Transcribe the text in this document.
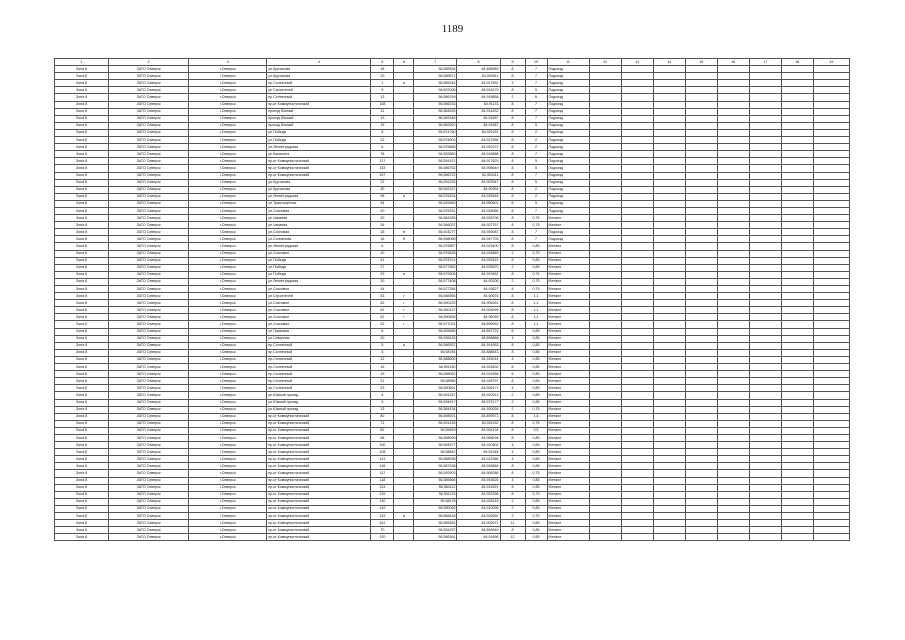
1189
1	2	3	4	5	6	7	8	9	10	11	12	13	14	15	16	17	18	19
Зона 8	ЗАТО Северск	г.Северск	ул.Курчатова	18		56,589934	84,898589	8	7	Подъезд								
Зона 8	ЗАТО Северск	г.Северск	ул.Курчатова	20		56,589671	84,900611	8	7	Подъезд								
Зона 8	ЗАТО Северск	г.Северск	пр.Солнечный	1	а	56,585244	84,917652	3	7	Подъезд								
Зона 8	ЗАТО Северск	г.Северск	ул.Строителей	9		56,597006	84,918179	8	5	Подъезд								
Зона 8	ЗАТО Северск	г.Северск	пр.Солнечный	13		56,586769	84,918858	2	6	Подъезд								
Зона 8	ЗАТО Северск	г.Северск	пр-кт Коммунистический	108		56,586233	84,91133	8	7	Подъезд								
Зона 8	ЗАТО Северск	г.Северск	проезд Южный	11		56,584625	84,914632	8	7	Подъезд								
Зона 8	ЗАТО Северск	г.Северск	проезд Южный	13		56,583345	84,91657	8	7	Подъезд								
Зона 8	ЗАТО Северск	г.Северск	проезд Южный	15		56,582520	84,91887	8	5	Подъезд								
Зона 8	ЗАТО Северск	г.Северск	ул.Победы	8		56,574760	84,921161	8	2	Подъезд								
Зона 8	ЗАТО Северск	г.Северск	ул.Победы	22		56,578002	84,917656	8	2	Подъезд								
Зона 8	ЗАТО Северск	г.Северск	ул.Ленинградская	6		56,576866	84,920372	8	2	Подъезд								
Зона 8	ЗАТО Северск	г.Северск	ул.Калинина	78		56,593860	84,918668	8	7	Подъезд								
Зона 8	ЗАТО Северск	г.Северск	пр-кт Коммунистический	127		56,591571	84,917625	8	5	Подъезд								
Зона 8	ЗАТО Северск	г.Северск	пр-кт Коммунистический	153		56,586752	84,908640	8	5	Подъезд								
Зона 8	ЗАТО Северск	г.Северск	пр-кт Коммунистический	157		56,586722	84,904111	8	7	Подъезд								
Зона 8	ЗАТО Северск	г.Северск	ул.Курчатова	22		56,591253	84,903547	8	5	Подъезд								
Зона 8	ЗАТО Северск	г.Северск	ул.Курчатова	30		56,592327	84,90354	8	2	Подъезд								
Зона 8	ЗАТО Северск	г.Северск	ул.Ленинградская	98	а	56,576224	84,925446	8	2	Подъезд								
Зона 8	ЗАТО Северск	г.Северск	ул.Транспортная	54		56,629460	84,950601	8	5	Подъезд								
Зона 8	ЗАТО Северск	г.Северск	ул.Сосновая	20		56,576251	84,918066	8	7	Подъезд								
Зона 8	ЗАТО Северск	г.Северск	ул.Чапаева	20		56,581555	84,928706	8	0,75	Металл								
Зона 8	ЗАТО Северск	г.Северск	ул.Чапаева	26		56,566037	84,927767	8	0,75	Металл								
Зона 8	ЗАТО Северск	г.Северск	ул.Сосновая	18	в	56,924277	84,949087	8	7	Подъезд								
Зона 8	ЗАТО Северск	г.Северск	ул.Солнечная	16	б	56,598069	84,947703	8	7	Подъезд								
Зона 8	ЗАТО Северск	г.Северск	ул.Ленинградская	6		56,576857	84,919400	8	0,85	Металл								
Зона 8	ЗАТО Северск	г.Северск	ул.Сосновое	10		56,576628	84,918689	2	0,75	Металл								
Зона 8	ЗАТО Северск	г.Северск	ул.Победы	21		56,578721	84,925415	8	0,85	Металл								
Зона 8	ЗАТО Северск	г.Северск	ул.Победы	27		56,577652	84,925870	2	0,85	Металл								
Зона 8	ЗАТО Северск	г.Северск	ул.Победы	29	а	56,579305	84,929461	8	0,75	Металл								
Зона 8	ЗАТО Северск	г.Северск	ул.Ленинградская	30		56,577408	84,93206	2	0,75	Металл								
Зона 8	ЗАТО Северск	г.Северск	ул.Сосновое	34		56,577284	84,93627	8	0,75	Металл								
Зона 8	ЗАТО Северск	г.Северск	ул.Строителей	53	г	56,566566	84,90676	8	1,1	Металл								
Зона 8	ЗАТО Северск	г.Северск	ул.Сосновое	52	г	56,590225	84,905261	8	1,1	Металл								
Зона 8	ЗАТО Северск	г.Северск	ул.Сосновое	52	г	56,590127	84,904599	8	1,1	Металл								
Зона 8	ЗАТО Северск	г.Северск	ул.Сосновое	52	г	56,590826	84,96059	8	1,1	Металл								
Зона 8	ЗАТО Северск	г.Северск	ул.Сосновое	52	г	56,577031	84,899052	8	1,1	Металл								
Зона 8	ЗАТО Северск	г.Северск	ул.Парковая	6		56,605656	84,897721	8	0,85	Металл								
Зона 8	ЗАТО Северск	г.Северск	ул.Северная	20		56,595433	84,898886	4	0,85	Металл								
Зона 8	ЗАТО Северск	г.Северск	пр.Солнечный	5	а	56,589337	84,914953	8	0,85	Металл								
Зона 8	ЗАТО Северск	г.Северск	пр.Солнечный	8		56,58784	84,888543	8	0,85	Металл								
Зона 8	ЗАТО Северск	г.Северск	пр.Солнечный	12		56,588600	84,915014	4	0,85	Металл								
Зона 8	ЗАТО Северск	г.Северск	пр.Солнечный	16		56,591180	84,924802	8	0,85	Металл								
Зона 8	ЗАТО Северск	г.Северск	пр.Солнечный	19		56,588082	84,919366	6	0,85	Металл								
Зона 8	ЗАТО Северск	г.Северск	пр.Солнечный	21		56,58985	84,918797	8	0,85	Металл								
Зона 8	ЗАТО Северск	г.Северск	пр.Солнечный	23		56,590691	84,926171	4	0,85	Металл								
Зона 8	ЗАТО Северск	г.Северск	ул.Южный проезд	4		56,591247	84,920513	2	0,85	Металл								
Зона 8	ЗАТО Северск	г.Северск	ул.Южный проезд	9		56,594917	84,973177	2	0,85	Металл								
Зона 8	ЗАТО Северск	г.Северск	ул.Южный проезд	13		56,584134	84,920026	2	0,75	Металл								
Зона 8	ЗАТО Северск	г.Северск	пр-кт Коммунистический	80		56,598921	84,899572	8	1,6	Металл								
Зона 8	ЗАТО Северск	г.Северск	пр-кт Коммунистический	71		56,591435	84,901152	8	0,75	Металл								
Зона 8	ЗАТО Северск	г.Северск	пр-кт Коммунистический	82		56,59649	84,904194	8	0,5	Металл								
Зона 8	ЗАТО Северск	г.Северск	пр-кт Коммунистический	96		56,598099	84,908294	8	0,85	Металл								
Зона 8	ЗАТО Северск	г.Северск	пр-кт Коммунистический	100		56,594377	84,910502	4	0,85	Металл								
Зона 8	ЗАТО Северск	г.Северск	пр-кт Коммунистический	108		56,58842	84,91348	4	0,85	Металл								
Зона 8	ЗАТО Северск	г.Северск	пр-кт Коммунистический	113		56,588938	84,913366	4	0,85	Металл								
Зона 8	ЗАТО Северск	г.Северск	пр-кт Коммунистический	116		56,587158	84,918684	8	0,85	Металл								
Зона 8	ЗАТО Северск	г.Северск	пр-кт Коммунистический	117		56,592903	84,908286	8	0,75	Металл								
Зона 8	ЗАТО Северск	г.Северск	пр-кт Коммунистический	118		56,586666	84,915526	4	0,85	Металл								
Зона 8	ЗАТО Северск	г.Северск	пр-кт Коммунистический	124		56,584112	84,914621	8	0,85	Металл								
Зона 8	ЗАТО Северск	г.Северск	пр-кт Коммунистический	129		56,591123	84,922396	8	0,75	Металл								
Зона 8	ЗАТО Северск	г.Северск	пр-кт Коммунистический	130		56,58178	84,928145	2	0,85	Металл								
Зона 8	ЗАТО Северск	г.Северск	пр-кт Коммунистический	142		56,590052	84,910096	2	0,85	Металл								
Зона 8	ЗАТО Северск	г.Северск	пр-кт Коммунистический	143	а	56,888418	84,916992	2	0,75	Металл								
Зона 8	ЗАТО Северск	г.Северск	пр-кт Коммунистический	151		56,585584	84,902671	11	0,85	Металл								
Зона 8	ЗАТО Северск	г.Северск	пр-кт Коммунистический	70		56,594297	84,899549	8	0,85	Металл								
Зона 8	ЗАТО Северск	г.Северск	пр-кт Коммунистический	120		56,586391	84,91896	12	0,85	Металл								
